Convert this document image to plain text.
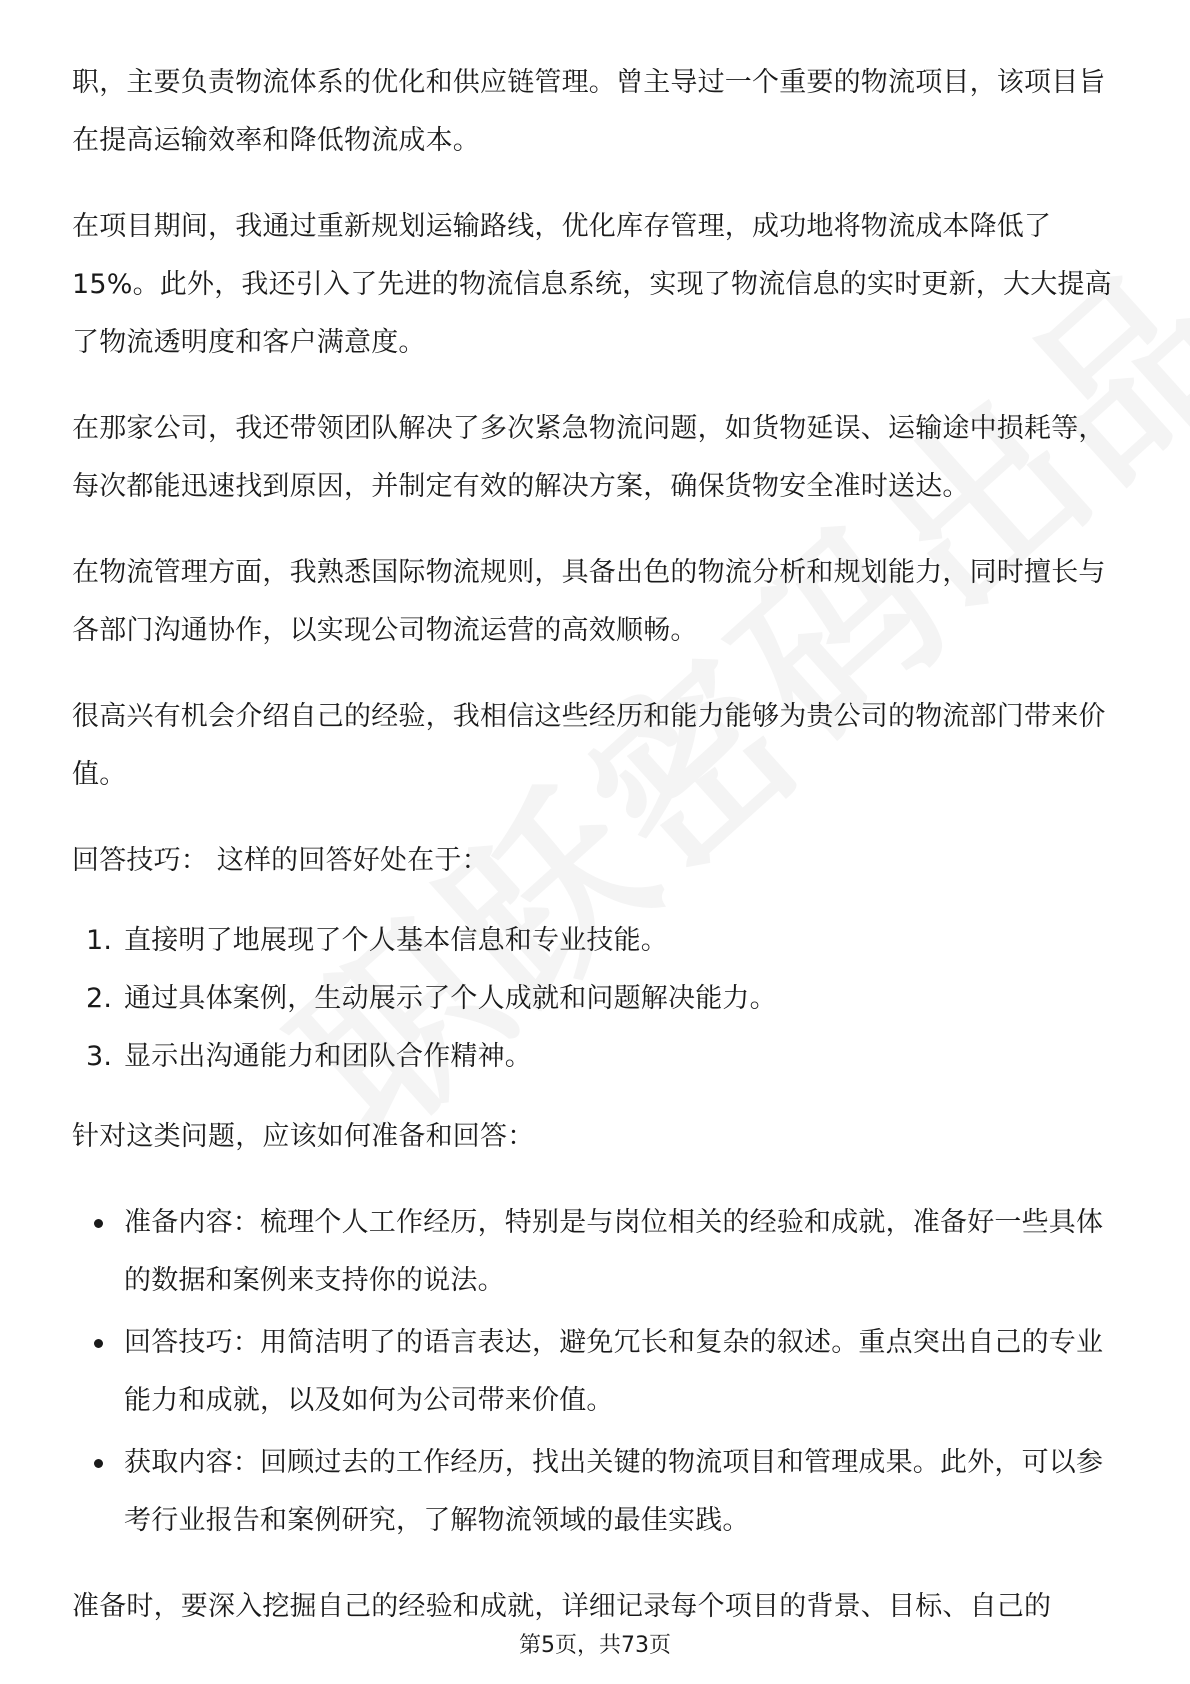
职，主要负责物流体系的优化和供应链管理。曾主导过一个重要的物流项目，该项目旨在提高运输效率和降低物流成本。

在项目期间，我通过重新规划运输路线，优化库存管理，成功地将物流成本降低了15%。此外，我还引入了先进的物流信息系统，实现了物流信息的实时更新，大大提高了物流透明度和客户满意度。

在那家公司，我还带领团队解决了多次紧急物流问题，如货物延误、运输途中损耗等，每次都能迅速找到原因，并制定有效的解决方案，确保货物安全准时送达。

在物流管理方面，我熟悉国际物流规则，具备出色的物流分析和规划能力，同时擅长与各部门沟通协作，以实现公司物流运营的高效顺畅。

很高兴有机会介绍自己的经验，我相信这些经历和能力能够为贵公司的物流部门带来价值。

回答技巧： 这样的回答好处在于：

1. 直接明了地展现了个人基本信息和专业技能。
2. 通过具体案例，生动展示了个人成就和问题解决能力。
3. 显示出沟通能力和团队合作精神。

针对这类问题，应该如何准备和回答：

准备内容：梳理个人工作经历，特别是与岗位相关的经验和成就，准备好一些具体的数据和案例来支持你的说法。
回答技巧：用简洁明了的语言表达，避免冗长和复杂的叙述。重点突出自己的专业能力和成就，以及如何为公司带来价值。
获取内容：回顾过去的工作经历，找出关键的物流项目和管理成果。此外，可以参考行业报告和案例研究，了解物流领域的最佳实践。

准备时，要深入挖掘自己的经验和成就，详细记录每个项目的背景、目标、自己的

第5页，共73页
